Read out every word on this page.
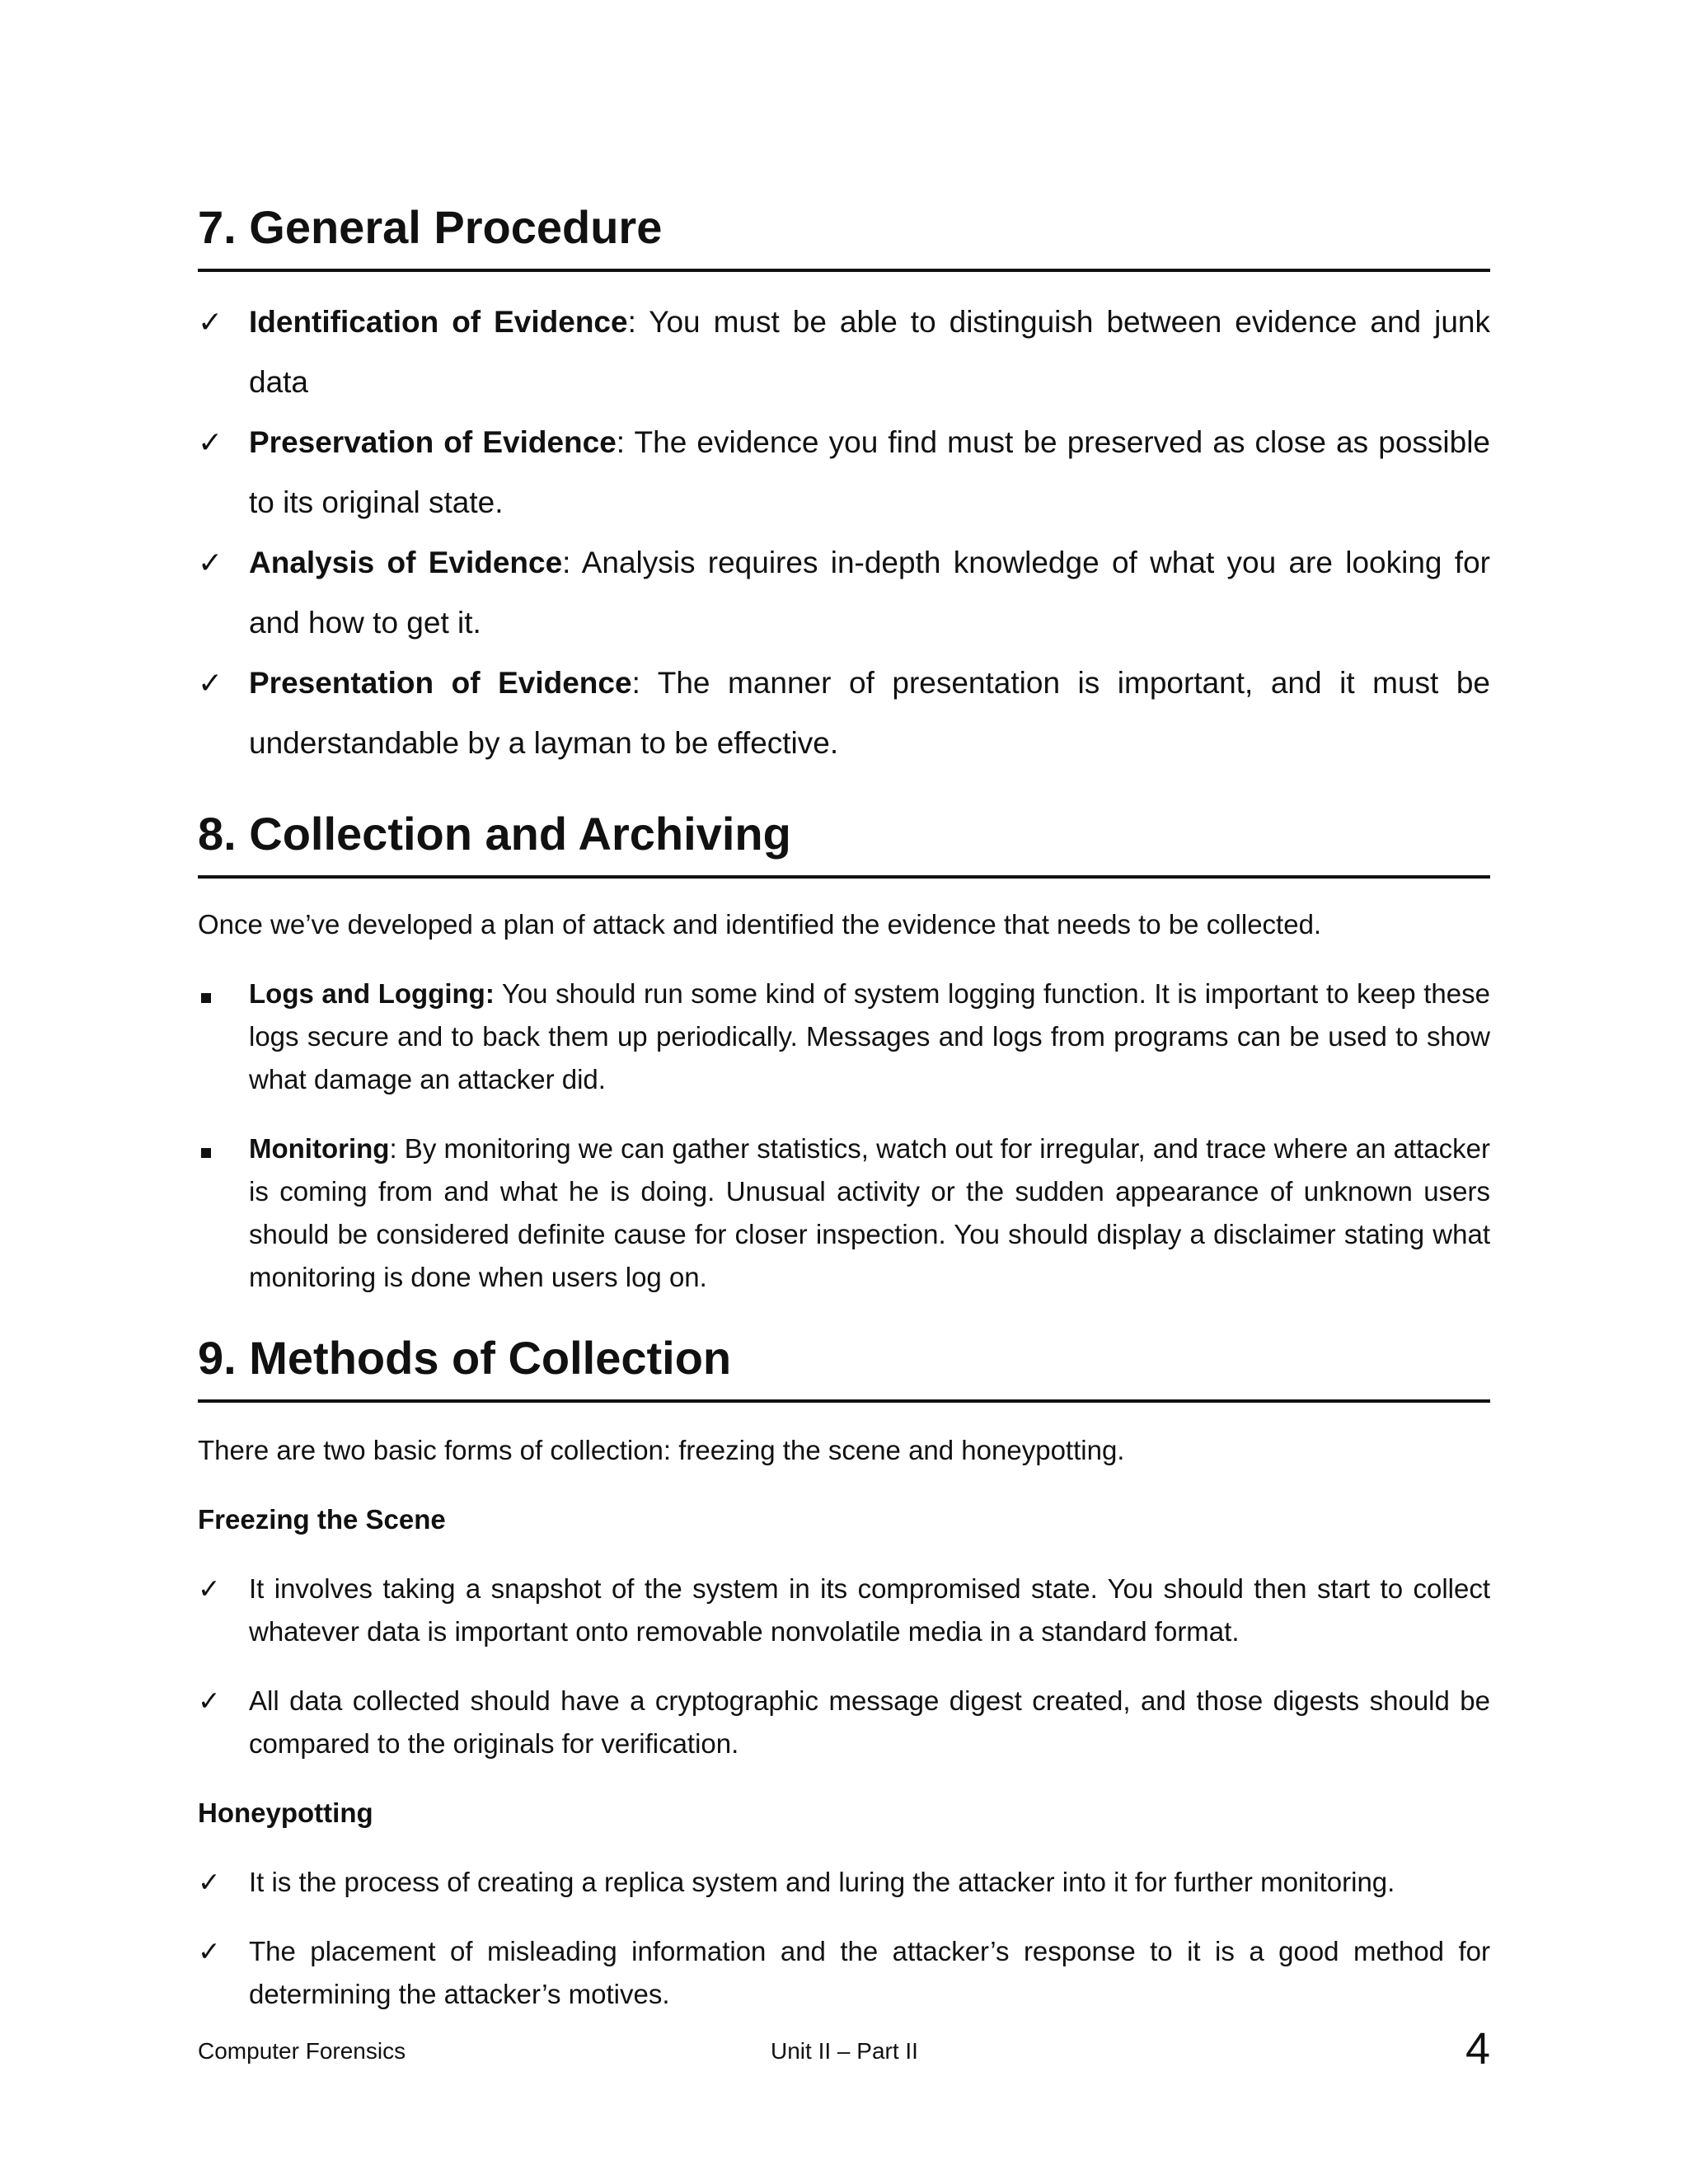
7. General Procedure
✓ Identification of Evidence: You must be able to distinguish between evidence and junk data
✓ Preservation of Evidence: The evidence you find must be preserved as close as possible to its original state.
✓ Analysis of Evidence: Analysis requires in-depth knowledge of what you are looking for and how to get it.
✓ Presentation of Evidence: The manner of presentation is important, and it must be understandable by a layman to be effective.
8. Collection and Archiving

Once we’ve developed a plan of attack and identified the evidence that needs to be collected.

Logs and Logging: You should run some kind of system logging function. It is important to keep these logs secure and to back them up periodically. Messages and logs from programs can be used to show what damage an attacker did.
Monitoring: By monitoring we can gather statistics, watch out for irregular, and trace where an attacker is coming from and what he is doing. Unusual activity or the sudden appearance of unknown users should be considered definite cause for closer inspection. You should display a disclaimer stating what monitoring is done when users log on.
9. Methods of Collection

There are two basic forms of collection: freezing the scene and honeypotting.

Freezing the Scene

✓	It involves taking a snapshot of the system in its compromised state. You should then start to collect whatever data is important onto removable nonvolatile media in a standard format.
✓	All data collected should have a cryptographic message digest created, and those digests should be compared to the originals for verification.

Honeypotting

✓	It is the process of creating a replica system and luring the attacker into it for further monitoring.
✓	The placement of misleading information and the attacker’s response to it is a good method for determining the attacker’s motives.
Computer Forensics	Unit II – Part II	4
